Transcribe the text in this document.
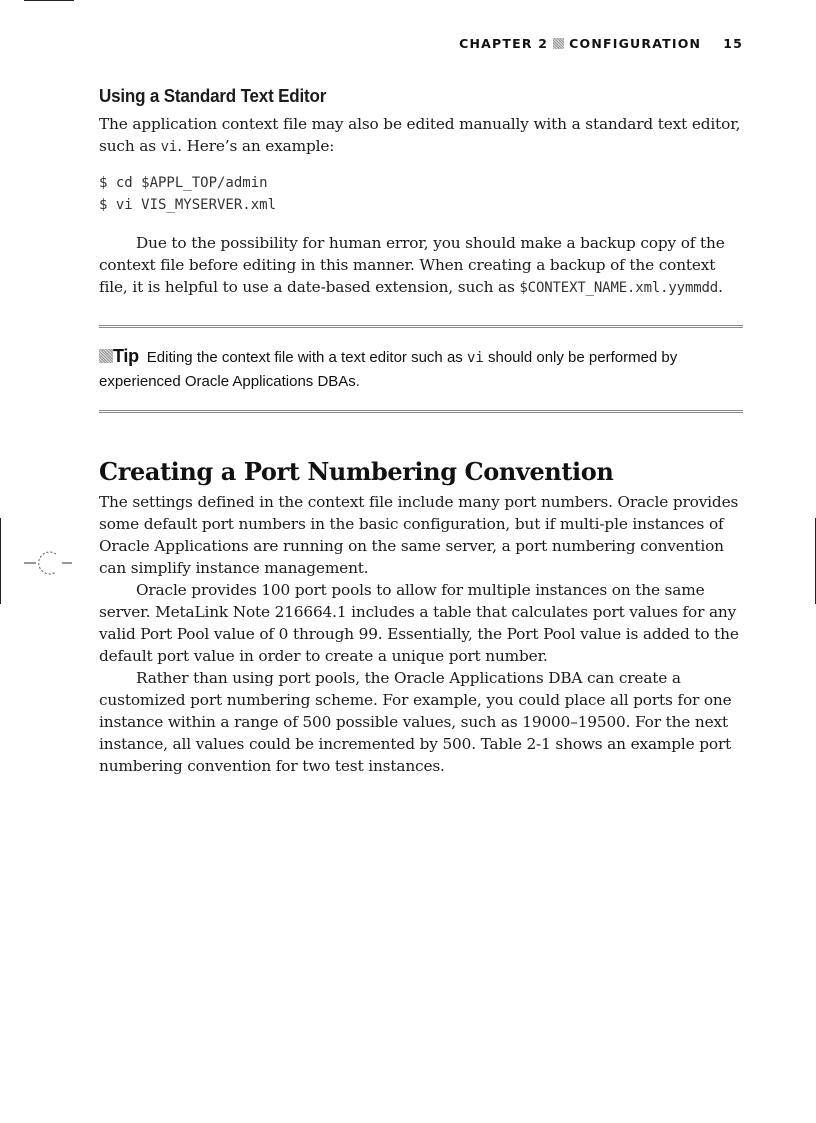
CHAPTER 2 CONFIGURATION 15
Using a Standard Text Editor

The application context file may also be edited manually with a standard text editor, such as vi. Here’s an example:

$ cd $APPL_TOP/admin
$ vi VIS_MYSERVER.xml

Due to the possibility for human error, you should make a backup copy of the context file before editing in this manner. When creating a backup of the context file, it is helpful to use a date-based extension, such as $CONTEXT_NAME.xml.yymmdd.

Tip Editing the context file with a text editor such as vi should only be performed by experienced Oracle Applications DBAs.
Creating a Port Numbering Convention

The settings defined in the context file include many port numbers. Oracle provides some default port numbers in the basic configuration, but if multi-ple instances of Oracle Applications are running on the same server, a port numbering convention can simplify instance management.

Oracle provides 100 port pools to allow for multiple instances on the same server. MetaLink Note 216664.1 includes a table that calculates port values for any valid Port Pool value of 0 through 99. Essentially, the Port Pool value is added to the default port value in order to create a unique port number.

Rather than using port pools, the Oracle Applications DBA can create a customized port numbering scheme. For example, you could place all ports for one instance within a range of 500 possible values, such as 19000–19500. For the next instance, all values could be incremented by 500. Table 2-1 shows an example port numbering convention for two test instances.
